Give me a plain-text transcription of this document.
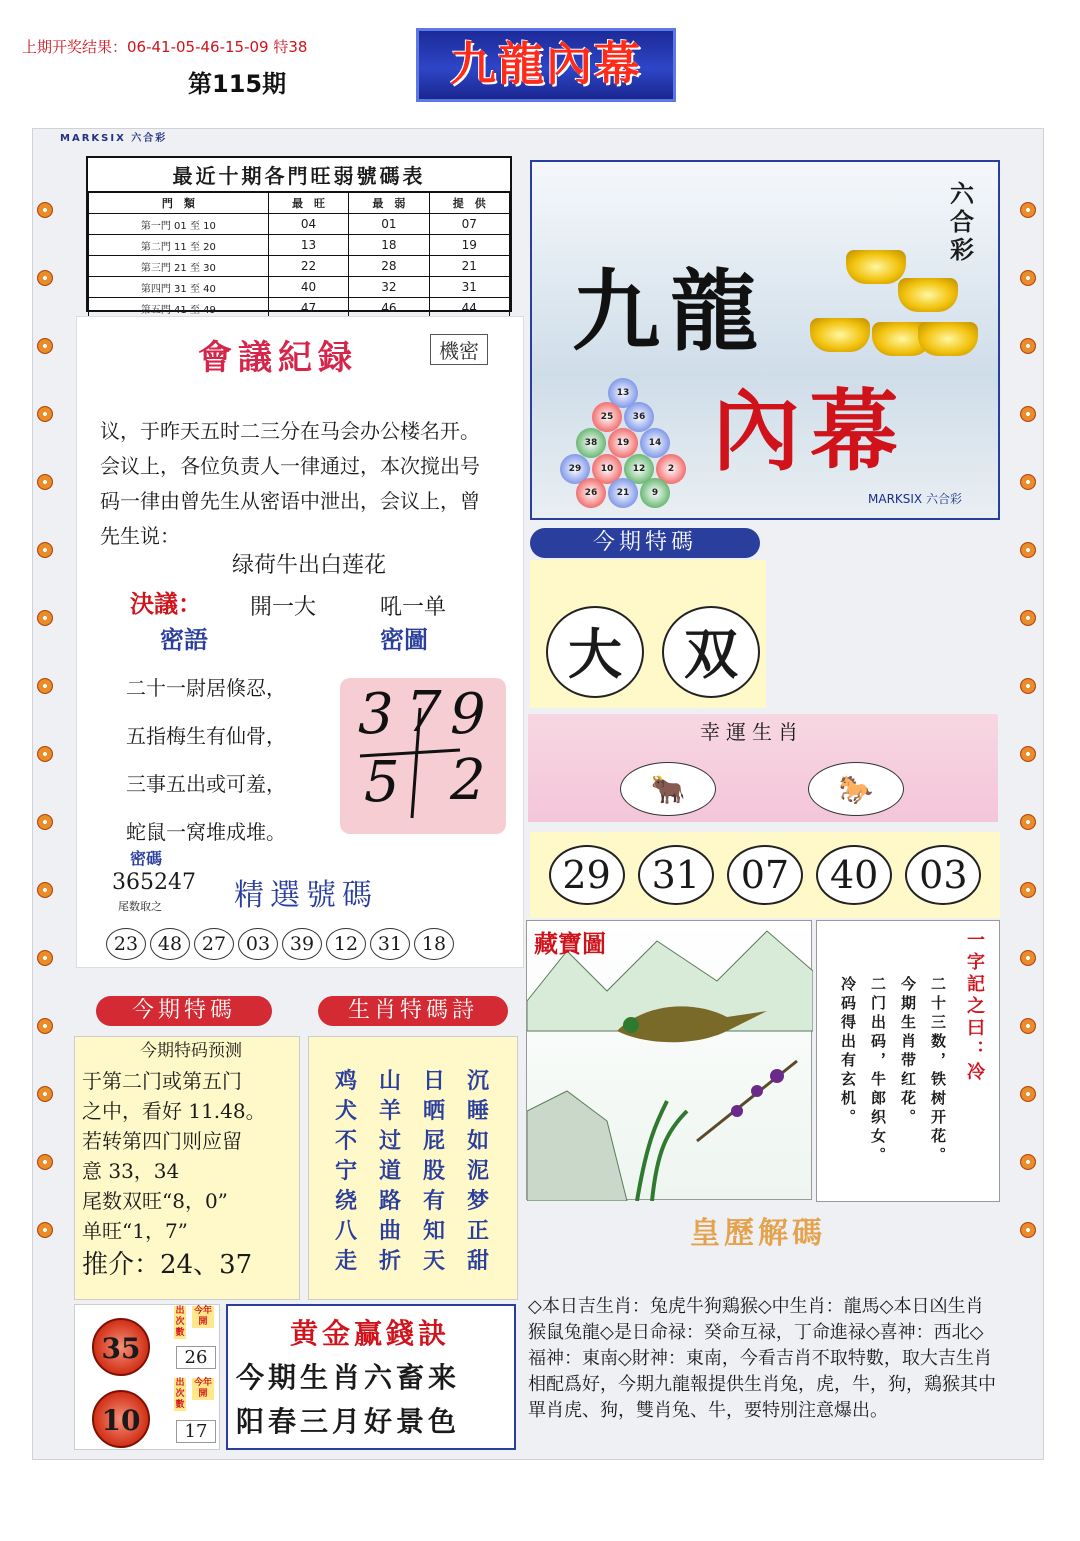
上期开奖结果：06-41-05-46-15-09 特38
第115期	九龍內幕
MARKSIX 六合彩
最近十期各門旺弱號碼表
門　類	最　旺	最　弱	提　供
第一門 01 至 10	04	01	07
第二門 11 至 20	13	18	19
第三門 21 至 30	22	28	21
第四門 31 至 40	40	32	31
第五門 41 至 49	47	46	44
會議紀録	機密
议，于昨天五时二三分在马会办公楼名开。会议上，各位负责人一律通过，本次搅出号码一律由曾先生从密语中泄出，会议上，曾先生说：
绿荷牛出白莲花
決議： 開一大	吼一单
密語	密圖
二十一尉居倏忍，
五指梅生有仙骨，
三事五出或可羞，
蛇鼠一窝堆成堆。
3 7 9
5 2
密碼
365247
尾数取之 精選號碼
23	48	27	03	39	12	31	18
九龍
內幕
六合彩
MARKSIX 六合彩
13
25	36
38	19	14
29	10	12	2
26	21	9
今期特碼
大	双
幸運生肖
🐂	🐎
29	31	07	40	03
藏寶圖	一字記之曰：冷
二十三数，铁树开花。
今期生肖带红花。
二门出码，牛郎织女。
冷码得出有玄机。
今期特碼	生肖特碼詩
今期特码预测
于第二门或第五门
之中，看好 11.48。
若转第四门则应留
意 33，34
尾数双旺“8，0”
单旺“1，7”
推介：24、37
鸡 山 日 沉
犬 羊 晒 睡
不 过 屁 如
宁 道 股 泥
绕 路 有 梦
八 曲 知 正
走 折 天 甜
35
出次數
今年開
26
10
出次數
今年開
17
黄金赢錢訣
今期生肖六畜来
阳春三月好景色
皇歷解碼
◇本日吉生肖：兔虎牛狗鶏猴◇中生肖：龍馬◇本日凶生肖猴鼠兔龍◇是日命禄：癸命互禄，丁命進禄◇喜神：西北◇福神：東南◇財神：東南，今看吉肖不取特數，取大吉生肖相配爲好，今期九龍報提供生肖兔，虎，牛，狗，鶏猴其中單肖虎、狗，雙肖兔、牛，要特別注意爆出。
